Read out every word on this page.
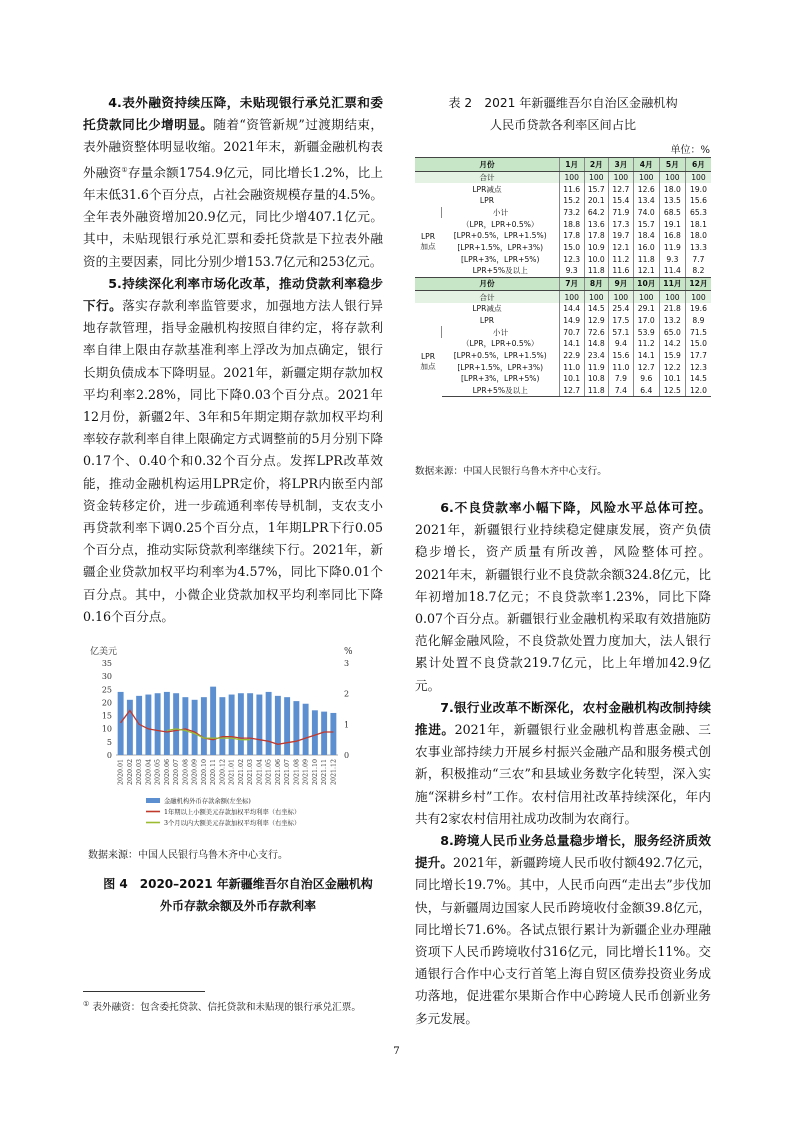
4.表外融资持续压降，未贴现银行承兑汇票和委托贷款同比少增明显。随着“资管新规”过渡期结束，表外融资整体明显收缩。2021年末，新疆金融机构表外融资①存量余额1754.9亿元，同比增长1.2%，比上年末低31.6个百分点，占社会融资规模存量的4.5%。全年表外融资增加20.9亿元，同比少增407.1亿元。其中，未贴现银行承兑汇票和委托贷款是下拉表外融资的主要因素，同比分别少增153.7亿元和253亿元。

5.持续深化利率市场化改革，推动贷款利率稳步下行。落实存款利率监管要求，加强地方法人银行异地存款管理，指导金融机构按照自律约定，将存款利率自律上限由存款基准利率上浮改为加点确定，银行长期负债成本下降明显。2021年，新疆定期存款加权平均利率2.28%，同比下降0.03个百分点。2021年12月份，新疆2年、3年和5年期定期存款加权平均利率较存款利率自律上限确定方式调整前的5月分别下降0.17个、0.40个和0.32个百分点。发挥LPR改革效能，推动金融机构运用LPR定价，将LPR内嵌至内部资金转移定价，进一步疏通利率传导机制，支农支小再贷款利率下调0.25个百分点，1年期LPR下行0.05个百分点，推动实际贷款利率继续下行。2021年，新疆企业贷款加权平均利率为4.57%，同比下降0.01个百分点。其中，小微企业贷款加权平均利率同比下降0.16个百分点。

亿美元	%
35
30
25
20
15
10
5
0
3
2
1
0
2020.01 2020.02 2020.03 2020.04 2020.05 2020.06 2020.07 2020.08 2020.09 2020.10 2020.11 2020.12 2021.01 2021.02 2021.03 2021.04 2021.05 2021.06 2021.07 2021.08 2021.09 2021.10 2021.11 2021.12
金融机构外币存款余额(左坐标)
1年期以上小额美元存款加权平均利率（右坐标）
3个月以内大额美元存款加权平均利率（右坐标）
数据来源：中国人民银行乌鲁木齐中心支行。
图 4　2020–2021 年新疆维吾尔自治区金融机构
外币存款余额及外币存款利率
① 表外融资：包含委托贷款、信托贷款和未贴现的银行承兑汇票。
表 2　2021 年新疆维吾尔自治区金融机构
人民币贷款各利率区间占比
单位：%
月份		1月	2月	3月	4月	5月	6月
合计		100	100	100	100	100	100
LPR减点		11.6	15.7	12.7	12.6	18.0	19.0
LPR		15.2	20.1	15.4	13.4	13.5	15.6
LPR
加点	小计	73.2	64.2	71.9	74.0	68.5	65.3
	（LPR，LPR+0.5%）	18.8	13.6	17.3	15.7	19.1	18.1
	[LPR+0.5%，LPR+1.5%)	17.8	17.8	19.7	18.4	16.8	18.0
	[LPR+1.5%，LPR+3%)	15.0	10.9	12.1	16.0	11.9	13.3
	[LPR+3%，LPR+5%)	12.3	10.0	11.2	11.8	9.3	7.7
	LPR+5%及以上	9.3	11.8	11.6	12.1	11.4	8.2
月份		7月	8月	9月	10月	11月	12月
合计		100	100	100	100	100	100
LPR减点		14.4	14.5	25.4	29.1	21.8	19.6
LPR		14.9	12.9	17.5	17.0	13.2	8.9
LPR
加点	小计	70.7	72.6	57.1	53.9	65.0	71.5
	（LPR，LPR+0.5%）	14.1	14.8	9.4	11.2	14.2	15.0
	[LPR+0.5%，LPR+1.5%)	22.9	23.4	15.6	14.1	15.9	17.7
	[LPR+1.5%，LPR+3%)	11.0	11.9	11.0	12.7	12.2	12.3
	[LPR+3%，LPR+5%)	10.1	10.8	7.9	9.6	10.1	14.5
	LPR+5%及以上	12.7	11.8	7.4	6.4	12.5	12.0
数据来源：中国人民银行乌鲁木齐中心支行。

6.不良贷款率小幅下降，风险水平总体可控。2021年，新疆银行业持续稳定健康发展，资产负债稳步增长，资产质量有所改善，风险整体可控。2021年末，新疆银行业不良贷款余额324.8亿元，比年初增加18.7亿元；不良贷款率1.23%，同比下降0.07个百分点。新疆银行业金融机构采取有效措施防范化解金融风险，不良贷款处置力度加大，法人银行累计处置不良贷款219.7亿元，比上年增加42.9亿元。

7.银行业改革不断深化，农村金融机构改制持续推进。2021年，新疆银行业金融机构普惠金融、三农事业部持续力开展乡村振兴金融产品和服务模式创新，积极推动“三农”和县域业务数字化转型，深入实施“深耕乡村”工作。农村信用社改革持续深化，年内共有2家农村信用社成功改制为农商行。

8.跨境人民币业务总量稳步增长，服务经济质效提升。2021年，新疆跨境人民币收付额492.7亿元，同比增长19.7%。其中，人民币向西“走出去”步伐加快，与新疆周边国家人民币跨境收付金额39.8亿元，同比增长71.6%。各试点银行累计为新疆企业办理融资项下人民币跨境收付316亿元，同比增长11%。交通银行合作中心支行首笔上海自贸区债券投资业务成功落地，促进霍尔果斯合作中心跨境人民币创新业务多元发展。

7
